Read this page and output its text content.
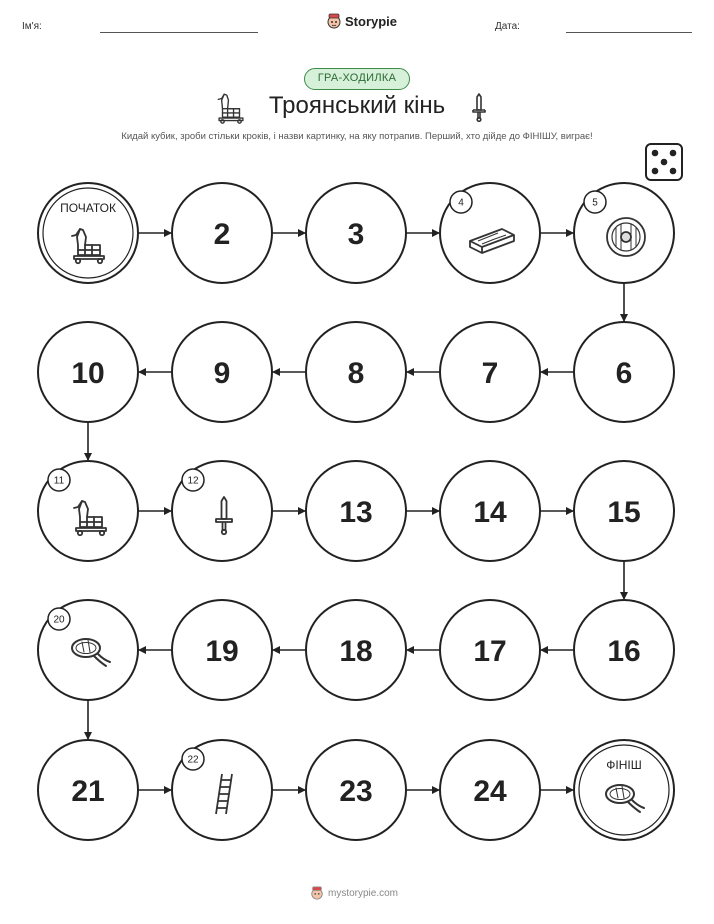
Ім'я:	Storypie	Дата:
ГРА-ХОДИЛКА
Троянський кінь
Кидай кубик, зроби стільки кроків, і назви картинку, на яку потрапив. Перший, хто дійде до ФІНІШУ, виграє!
ПОЧАТОК
2	3
4	5
6
7
8
9
10
11	12
13	14	15
16
17
18
19
20
21
22
23	24
ФІНІШ
mystorypie.com
